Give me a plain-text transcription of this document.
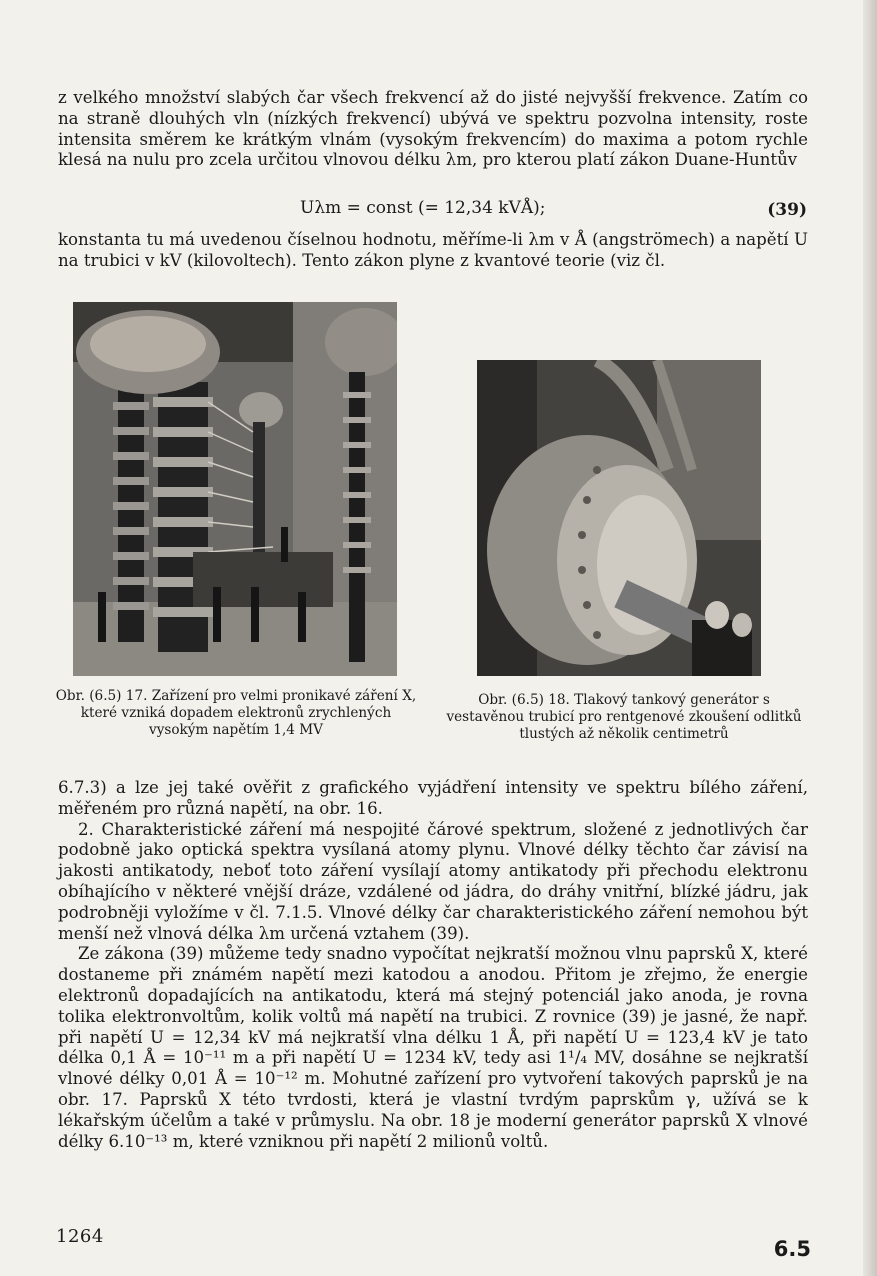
z velkého množství slabých čar všech frekvencí až do jisté nejvyšší frekvence. Zatím co na straně dlouhých vln (nízkých frekvencí) ubývá ve spektru pozvolna intensity, roste intensita směrem ke krátkým vlnám (vysokým frekvencím) do maxima a potom rychle klesá na nulu pro zcela určitou vlnovou délku λm, pro kterou platí zákon Duane-Huntův

Uλm = const (= 12,34 kVÅ);	(39)

konstanta tu má uvedenou číselnou hodnotu, měříme-li λm v Å (angströmech) a napětí U na trubici v kV (kilovoltech). Tento zákon plyne z kvantové teorie (viz čl.

Obr. (6.5) 17. Zařízení pro velmi pronikavé záření X, které vzniká dopadem elektronů zrychlených vysokým napětím 1,4 MV
Obr. (6.5) 18. Tlakový tankový generátor s vestavěnou trubicí pro rentgenové zkoušení odlitků tlustých až několik centimetrů

6.7.3) a lze jej také ověřit z grafického vyjádření intensity ve spektru bílého záření, měřeném pro různá napětí, na obr. 16.

2. Charakteristické záření má nespojité čárové spektrum, složené z jednotlivých čar podobně jako optická spektra vysílaná atomy plynu. Vlnové délky těchto čar závisí na jakosti antikatody, neboť toto záření vysílají atomy antikatody při přechodu elektronu obíhajícího v některé vnější dráze, vzdálené od jádra, do dráhy vnitřní, blízké jádru, jak podrobněji vyložíme v čl. 7.1.5. Vlnové délky čar charakteristického záření nemohou být menší než vlnová délka λm určená vztahem (39).

Ze zákona (39) můžeme tedy snadno vypočítat nejkratší možnou vlnu paprsků X, které dostaneme při známém napětí mezi katodou a anodou. Přitom je zřejmo, že energie elektronů dopadajících na antikatodu, která má stejný potenciál jako anoda, je rovna tolika elektronvoltům, kolik voltů má napětí na trubici. Z rovnice (39) je jasné, že např. při napětí U = 12,34 kV má nejkratší vlna délku 1 Å, při napětí U = 123,4 kV je tato délka 0,1 Å = 10⁻¹¹ m a při napětí U = 1234 kV, tedy asi 1¹/₄ MV, dosáhne se nejkratší vlnové délky 0,01 Å = 10⁻¹² m. Mohutné zařízení pro vytvoření takových paprsků je na obr. 17. Paprsků X této tvrdosti, která je vlastní tvrdým paprskům γ, užívá se k lékařským účelům a také v průmyslu. Na obr. 18 je moderní generátor paprsků X vlnové délky 6.10⁻¹³ m, které vzniknou při napětí 2 milionů voltů.

1264
6.5
